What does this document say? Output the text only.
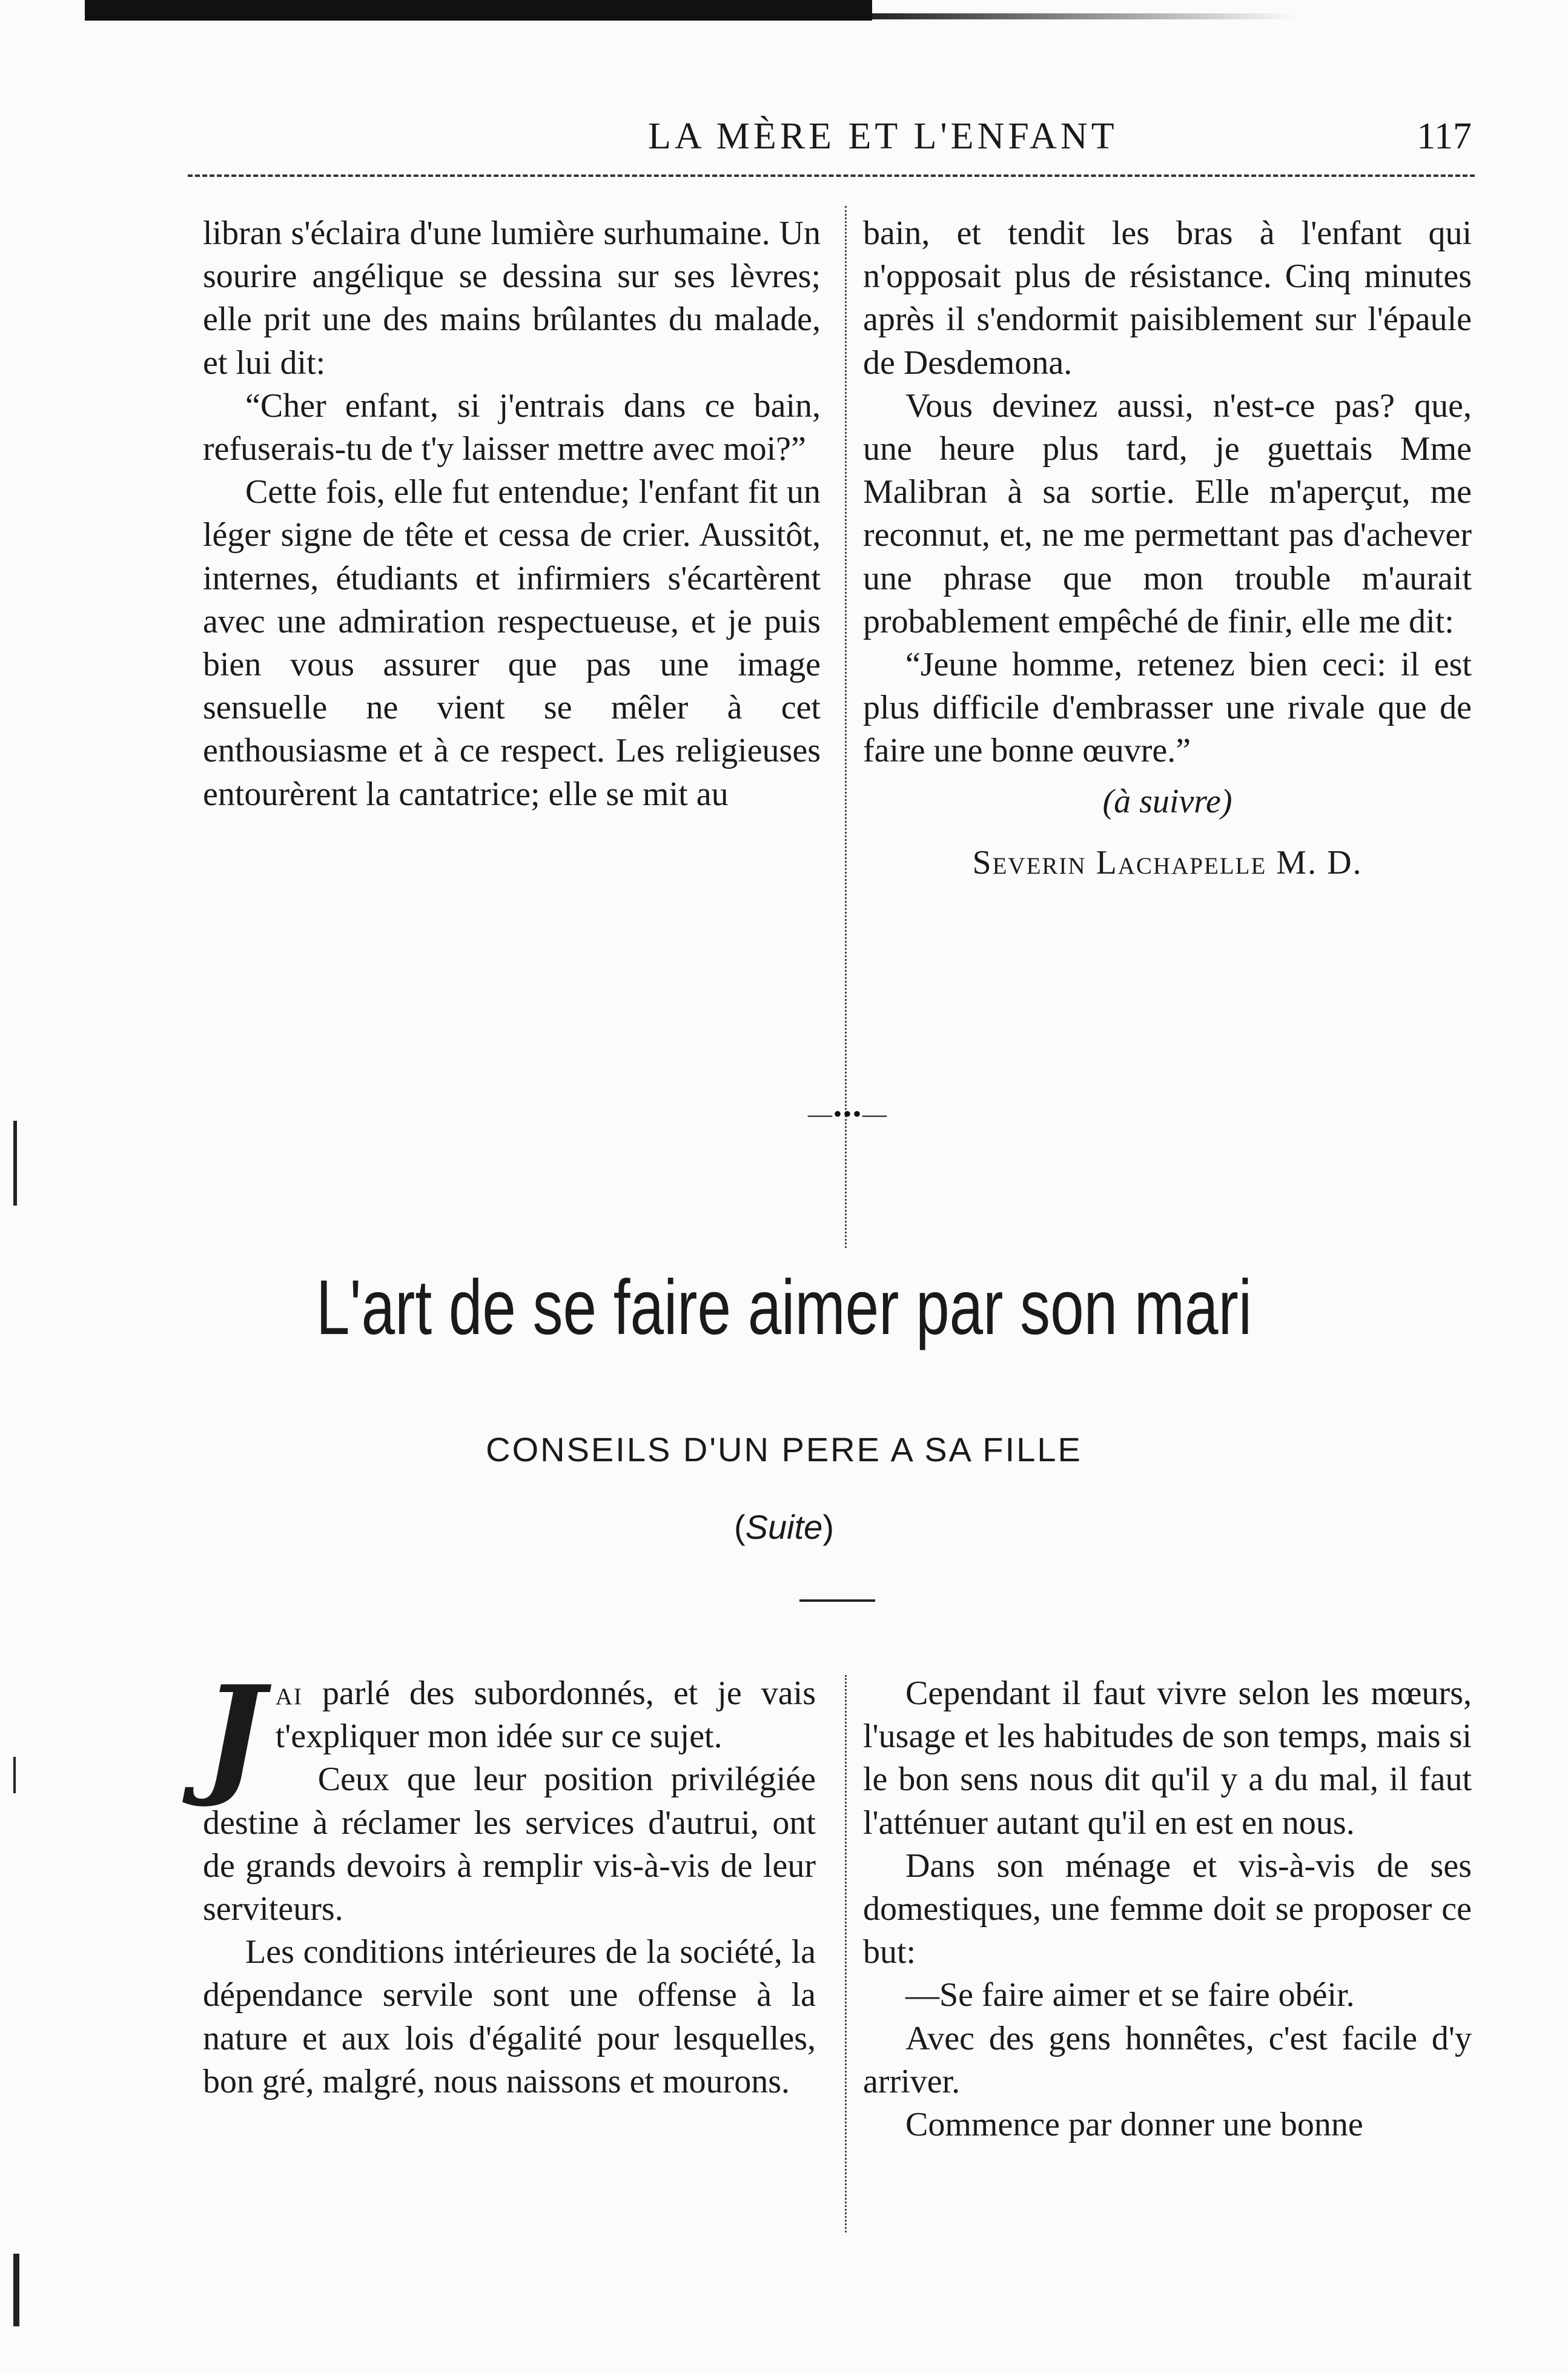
LA MÈRE ET L'ENFANT	117

libran s'éclaira d'une lumière surhumaine. Un sourire angélique se dessina sur ses lèvres; elle prit une des mains brûlantes du malade, et lui dit:

“Cher enfant, si j'entrais dans ce bain, refuserais-tu de t'y laisser mettre avec moi?”

Cette fois, elle fut entendue; l'enfant fit un léger signe de tête et cessa de crier. Aussitôt, internes, étudiants et infirmiers s'écartèrent avec une admiration respectueuse, et je puis bien vous assurer que pas une image sensuelle ne vient se mêler à cet enthousiasme et à ce respect. Les religieuses entourèrent la cantatrice; elle se mit au

bain, et tendit les bras à l'enfant qui n'opposait plus de résistance. Cinq minutes après il s'endormit paisiblement sur l'épaule de Desdemona.

Vous devinez aussi, n'est-ce pas? que, une heure plus tard, je guettais Mme Malibran à sa sortie. Elle m'aperçut, me reconnut, et, ne me permettant pas d'achever une phrase que mon trouble m'aurait probablement empêché de finir, elle me dit:

“Jeune homme, retenez bien ceci: il est plus difficile d'embrasser une rivale que de faire une bonne œuvre.”

(à suivre)

Severin Lachapelle M. D.

—•••—
L'art de se faire aimer par son mari
CONSEILS D'UN PERE A SA FILLE
(Suite)

Jai parlé des subordonnés, et je vais t'expliquer mon idée sur ce sujet.

Ceux que leur position privilégiée destine à réclamer les services d'autrui, ont de grands devoirs à remplir vis-à-vis de leur serviteurs.

Les conditions intérieures de la société, la dépendance servile sont une offense à la nature et aux lois d'égalité pour lesquelles, bon gré, malgré, nous naissons et mourons.

Cependant il faut vivre selon les mœurs, l'usage et les habitudes de son temps, mais si le bon sens nous dit qu'il y a du mal, il faut l'atténuer autant qu'il en est en nous.

Dans son ménage et vis-à-vis de ses domestiques, une femme doit se proposer ce but:

—Se faire aimer et se faire obéir.

Avec des gens honnêtes, c'est facile d'y arriver.

Commence par donner une bonne
